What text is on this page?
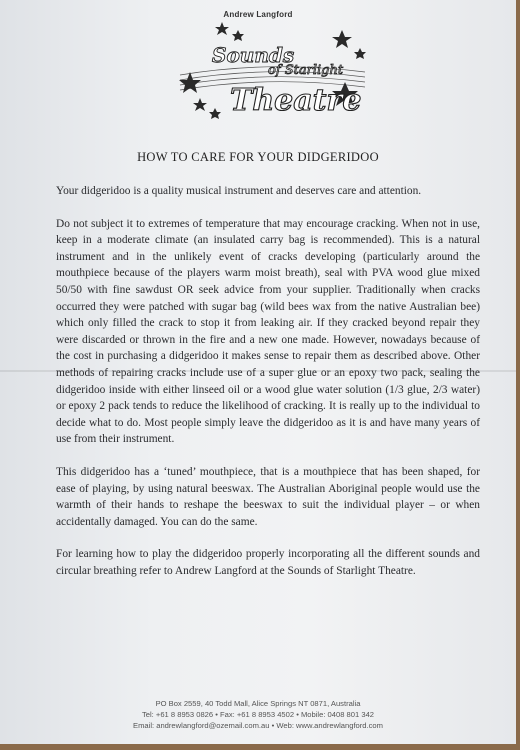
Andrew Langford
Sounds
of Starlight
Theatre
HOW TO CARE FOR YOUR DIDGERIDOO

Your didgeridoo is a quality musical instrument and deserves care and attention.

Do not subject it to extremes of temperature that may encourage cracking. When not in use, keep in a moderate climate (an insulated carry bag is recommended). This is a natural instrument and in the unlikely event of cracks developing (particularly around the mouthpiece because of the players warm moist breath), seal with PVA wood glue mixed 50/50 with fine sawdust OR seek advice from your supplier. Traditionally when cracks occurred they were patched with sugar bag (wild bees wax from the native Australian bee) which only filled the crack to stop it from leaking air. If they cracked beyond repair they were discarded or thrown in the fire and a new one made. However, nowadays because of the cost in purchasing a didgeridoo it makes sense to repair them as described above. Other methods of repairing cracks include use of a super glue or an epoxy two pack, sealing the didgeridoo inside with either linseed oil or a wood glue water solution (1/3 glue, 2/3 water) or epoxy 2 pack tends to reduce the likelihood of cracking. It is really up to the individual to decide what to do. Most people simply leave the didgeridoo as it is and have many years of use from their instrument.

This didgeridoo has a ‘tuned’ mouthpiece, that is a mouthpiece that has been shaped, for ease of playing, by using natural beeswax. The Australian Aboriginal people would use the warmth of their hands to reshape the beeswax to suit the individual player – or when accidentally damaged. You can do the same.

For learning how to play the didgeridoo properly incorporating all the different sounds and circular breathing refer to Andrew Langford at the Sounds of Starlight Theatre.

PO Box 2559, 40 Todd Mall, Alice Springs NT 0871, Australia
Tel: +61 8 8953 0826 • Fax: +61 8 8953 4502 • Mobile: 0408 801 342
Email: andrewlangford@ozemail.com.au • Web: www.andrewlangford.com
